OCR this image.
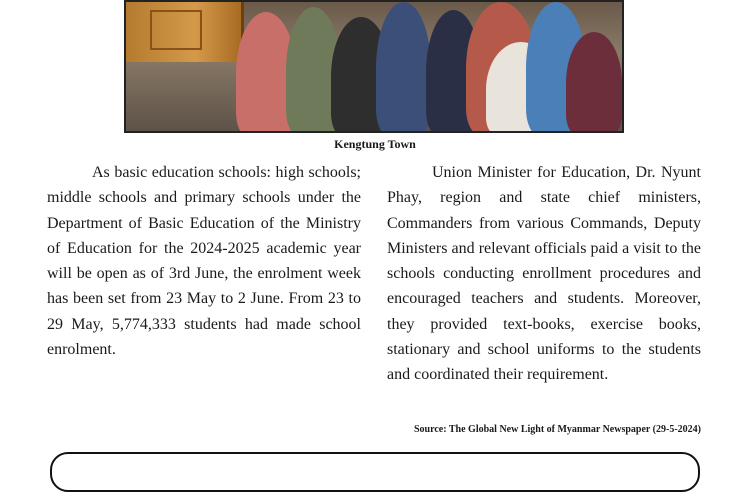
Kengtung Town

As basic education schools: high schools; middle schools and primary schools under the Department of Basic Education of the Ministry of Education for the 2024-2025 academic year will be open as of 3rd June, the enrolment week has been set from 23 May to 2 June. From 23 to 29 May, 5,774,333 students had made school enrolment.

Union Minister for Education, Dr. Nyunt Phay, region and state chief ministers, Commanders from various Commands, Deputy Ministers and relevant officials paid a visit to the schools conducting enrollment procedures and encouraged teachers and students. Moreover, they provided text-books, exercise books, stationary and school uniforms to the students and coordinated their requirement.

Source: The Global New Light of Myanmar Newspaper (29-5-2024)
